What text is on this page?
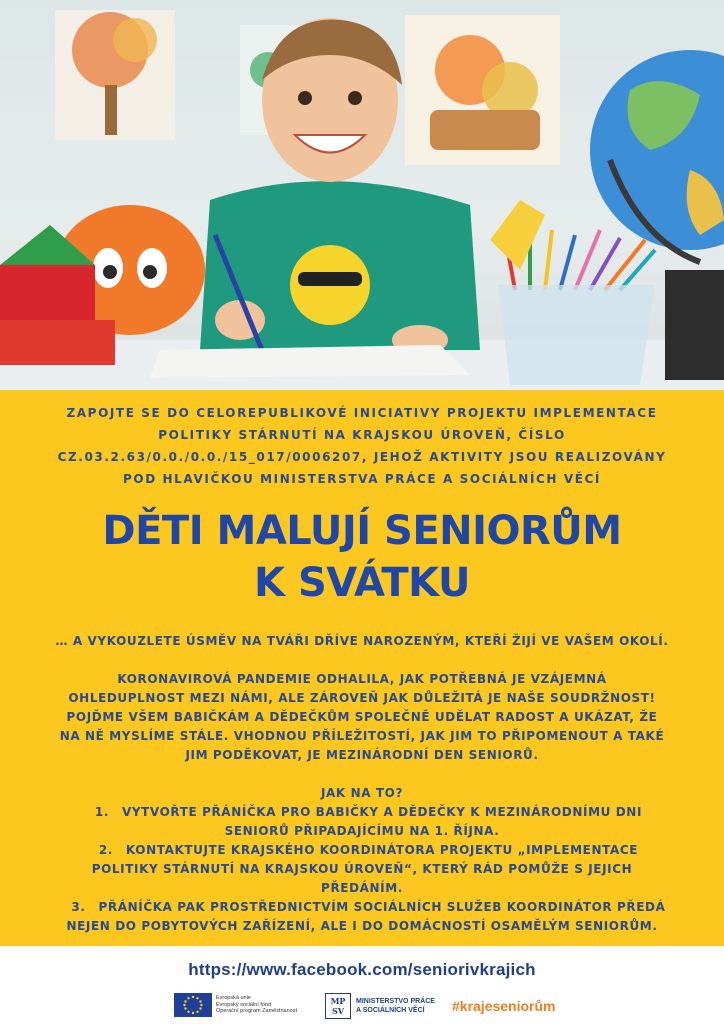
ZAPOJTE SE DO CELOREPUBLIKOVÉ INICIATIVY PROJEKTU IMPLEMENTACE
POLITIKY STÁRNUTÍ NA KRAJSKOU ÚROVEŇ, ČÍSLO
CZ.03.2.63/0.0./0.0./15_017/0006207, JEHOŽ AKTIVITY JSOU REALIZOVÁNY
POD HLAVIČKOU MINISTERSTVA PRÁCE A SOCIÁLNÍCH VĚCÍ
DĚTI MALUJÍ SENIORŮM
K SVÁTKU

… A VYKOUZLETE ÚSMĚV NA TVÁŘI DŘÍVE NAROZENÝM, KTEŘÍ ŽIJÍ VE VAŠEM OKOLÍ.

KORONAVIROVÁ PANDEMIE ODHALILA, JAK POTŘEBNÁ JE VZÁJEMNÁ

OHLEDUPLNOST MEZI NÁMI, ALE ZÁROVEŇ JAK DŮLEŽITÁ JE NAŠE SOUDRŽNOST!

POJĎME VŠEM BABIČKÁM A DĚDEČKŮM SPOLEČNĚ UDĚLAT RADOST A UKÁZAT, ŽE

NA NĚ MYSLÍME STÁLE. VHODNOU PŘÍLEŽITOSTÍ, JAK JIM TO PŘIPOMENOUT A TAKÉ

JIM PODĚKOVAT, JE MEZINÁRODNÍ DEN SENIORŮ.

JAK NA TO?

1. VYTVOŘTE PŘÁNÍČKA PRO BABIČKY A DĚDEČKY K MEZINÁRODNÍMU DNI

SENIORŮ PŘIPADAJÍCÍMU NA 1. ŘÍJNA.

2. KONTAKTUJTE KRAJSKÉHO KOORDINÁTORA PROJEKTU „IMPLEMENTACE

POLITIKY STÁRNUTÍ NA KRAJSKOU ÚROVEŇ“, KTERÝ RÁD POMŮŽE S JEJICH

PŘEDÁNÍM.

3. PŘÁNÍČKA PAK PROSTŘEDNICTVÍM SOCIÁLNÍCH SLUŽEB KOORDINÁTOR PŘEDÁ

NEJEN DO POBYTOVÝCH ZAŘÍZENÍ, ALE I DO DOMÁCNOSTÍ OSAMĚLÝM SENIORŮM.

https://www.facebook.com/seniorivkrajich
Evropská unie
Evropský sociální fond
Operační program Zaměstnanost
MP SV
MINISTERSTVO PRÁCE
A SOCIÁLNÍCH VĚCÍ	#krajeseniorům
